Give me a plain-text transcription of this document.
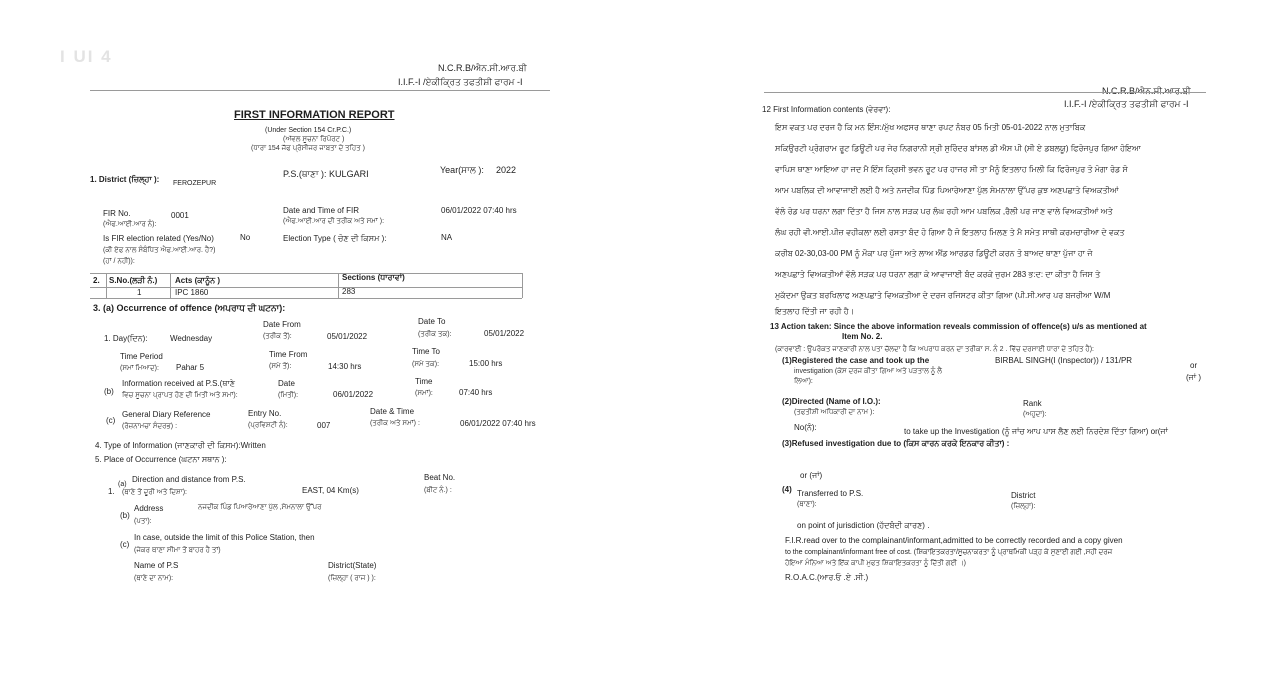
I UI 4
N.C.R.B/ਐਨ.ਸੀ.ਆਰ.ਬੀ
I.I.F.-I /ਏਕੀਕ੍ਰਿਤ ਤਫਤੀਸ਼ੀ ਫਾਰਮ -I
FIRST INFORMATION REPORT
(Under Section 154 Cr.P.C.)
(ਅੱਵਲ ਸੂਚਨਾ ਰਿਪੋਰਟ )
(ਧਾਰਾ 154 ਜੱਫ ਪ੍ਰੋਸੀਜਰ ਜਾਬਤਾ ਦੇ ਤਹਿਤ )
1. District (ਜ਼ਿਲ੍ਹਾ ): FEROZEPUR
P.S.(ਥਾਣਾ ): KULGARI	Year(ਸਾਲ ): 2022
FIR No.
(ਐਫ.ਆਈ.ਆਰ ਨੰ):
0001
Date and Time of FIR
(ਐਫ.ਆਈ.ਆਰ ਦੀ ਤਰੀਕ ਅਤੇ ਸਮਾਂ ):
06/01/2022 07:40 hrs
Is FIR election related (Yes/No)
(ਕੀ ਏਫ ਨਾਲ ਸੰਬੰਧਿਤ ਐਫ.ਆਈ.ਆਰ. ਹੈ?)
(ਹਾਂ / ਨਹੀਂ)):
No	Election Type ( ਚੋਣ ਦੀ ਕਿਸਮ ):	NA
2. S.No.(ਲੜੀ ਨੰ.) Acts (ਕਾਨੂੰਨ )	Sections (ਧਾਰਾਵਾਂ)
1	IPC 1860	283
3. (a) Occurrence of offence (ਅਪਰਾਧ ਦੀ ਘਟਨਾ):
Date From
(ਤਰੀਕ ਤੋਂ):	05/01/2022
Date To
(ਤਰੀਕ ਤਕ):	05/01/2022
1. Day(ਦਿਨ):	Wednesday
Time Period
(ਸਮਾਂ ਮਿਆਦ): Pahar 5
Time From
(ਸਮੇ ਤੋਂ):	14:30 hrs
Time To
(ਸਮੇ ਤਕ):	15:00 hrs
(b)
Information received at P.S.(ਥਾਣੇ
ਵਿਚ ਸੂਚਨਾ ਪ੍ਰਾਪਤ ਹੋਣ ਦੀ ਮਿਤੀ ਅਤੇ ਸਮਾਂ):
Date
(ਮਿਤੀ):	06/01/2022
Time
(ਸਮਾਂ):	07:40 hrs
(c)
General Diary Reference
(ਰੋਜ਼ਨਾਮਚਾ ਸੰਦਰਭ) :
Entry No.
(ਪ੍ਰਵਿਸ਼ਟੀ ਨੰ):	007
Date & Time
(ਤਰੀਕ ਅਤੇ ਸਮਾਂ) :	06/01/2022 07:40 hrs
4. Type of Information (ਜਾਣਕਾਰੀ ਦੀ ਕਿਸਮ):Written
5. Place of Occurrence (ਘਟਨਾ ਸਥਾਨ ):
1.
(a)
Direction and distance from P.S.
(ਥਾਣੇ ਤੋਂ ਦੂਰੀ ਅਤੇ ਦਿਸ਼ਾ):	EAST, 04 Km(s)
Beat No.
(ਬੀਟ ਨੰ.) :
(b)
Address
(ਪਤਾ):
ਨਜਦੀਕ ਪਿੰਡ ਪਿਆਰੇਆਣਾ ਪੁੱਲ ,ਸੇਮਨਾਲਾ ਉੱਪਰ
(c)
In case, outside the limit of this Police Station, then
(ਜੇਕਰ ਥਾਣਾ ਸੀਮਾ ਤੋਂ ਬਾਹਰ ਹੈ ਤਾਂ)
Name of P.S
(ਥਾਣੇ ਦਾ ਨਾਮ):
District(State)
(ਜ਼ਿਲ੍ਹਾ ( ਰਾਜ ) ):
N.C.R.B/ਐਨ.ਸੀ.ਆਰ.ਬੀ
I.I.F.-I /ਏਕੀਕ੍ਰਿਤ ਤਫਤੀਸ਼ੀ ਫਾਰਮ -I
12 First Information contents (ਵੇਰਵਾ):
ਇਸ ਵਕਤ ਪਰ ਦਰਜ ਹੈ ਕਿ ਮਨ ਇੰਸ:/ਮੁੱਖ ਅਫਸਰ ਥਾਣਾ ਰਪਟ ਨੰਬਰ 05 ਮਿਤੀ 05-01-2022 ਨਾਲ ਮੁਤਾਬਿਕ
ਸਕਿਉਰਟੀ ਪ੍ਰੋਗਰਾਮ ਰੂਟ ਡਿਊਟੀ ਪਰ ਜੇਰ ਨਿਗਰਾਨੀ ਸ੍ਰੀ ਸੁਰਿੰਦਰ ਬਾਂਸਲ ਡੀ ਐਸ ਪੀ (ਸੀ ਏ ਡਬਲਯੂ) ਫਿਰੋਜਪੁਰ ਗਿਆ ਹੋਇਆ
ਵਾਪਿਸ ਥਾਣਾ ਆਇਆ ਹਾ ਜਦ ਮੈ ਇੰਸ ਕ੍ਰਿਸੀ ਭਵਨ ਰੂਟ ਪਰ ਹਾਜਰ ਸੀ ਤਾ ਮੈਨੂੰ ਇਤਲਾਹ ਮਿਲੀ ਕਿ ਫਿਰੋਜਪੁਰ ਤੋ ਮੋਗਾ ਰੋਡ ਸੋ
ਆਮ ਪਬਲਿਕ ਦੀ ਆਵਾਜਾਈ ਲਈ ਹੈ ਅਤੇ ਨਜਦੀਕ ਪਿੰਡ ਪਿਆਰੇਆਣਾ ਪੁੱਲ ਸੇਮਨਾਲਾ ਉੱਪਰ ਕੁਝ ਅਣਪਛਾਤੇ ਵਿਅਕਤੀਆਂ
ਵੱਲੋ ਰੋਡ ਪਰ ਧਰਨਾ ਲਗਾ ਦਿੱਤਾ ਹੈ ਜਿਸ ਨਾਲ ਸੜਕ ਪਰ ਲੰਘ ਰਹੀ ਆਮ ਪਬਲਿਕ ,ਰੈਲੀ ਪਰ ਜਾਣ ਵਾਲੇ ਵਿਅਕਤੀਆਂ ਅਤੇ
ਲੰਘ ਰਹੀ ਵੀ.ਆਈ.ਪੀਜ਼ ਵਹੀਕਲਾ ਲਈ ਰਸਤਾ ਬੰਦ ਹੋ ਗਿਆ ਹੈ ਜੋ ਇਤਲਾਹ ਮਿਲਣ ਤੇ ਮੈ ਸਮੇਤ ਸਾਥੀ ਕਰਮਚਾਰੀਆ ਦੇ ਵਕਤ
ਕਰੀਬ 02-30,03-00 PM ਨੂੰ ਮੌਕਾ ਪਰ ਪੁੱਜਾ ਅਤੇ ਲਾਅ ਐਂਡ ਆਰਡਰ ਡਿਊਟੀ ਕਰਨ ਤੋ ਬਾਅਦ ਥਾਣਾ ਪੁੱਜਾ ਹਾ ਜੋ
ਅਣਪਛਾਤੇ ਵਿਅਕਤੀਆਂ ਵੱਲੋ ਸੜਕ ਪਰ ਧਰਨਾ ਲਗਾ ਕੇ ਆਵਾਜਾਈ ਬੰਦ ਕਰਕੇ ਜੁਰਮ 283 ਭ:ਦ: ਦਾ ਕੀਤਾ ਹੈ ਜਿਸ ਤੇ
ਮੁਕੱਦਮਾ ਉਕਤ ਬਰਖਿਲਾਫ ਅਣਪਛਾਤੇ ਵਿਅਕਤੀਆ ਦੇ ਦਰਜ ਰਜਿਸਟਰ ਕੀਤਾ ਗਿਆ (ਪੀ.ਸੀ.ਆਰ ਪਰ ਬਜਰੀਆ W/M
ਇਤਲਾਹ ਦਿੱਤੀ ਜਾ ਰਹੀ ਹੈ।
13 Action taken: Since the above information reveals commission of offence(s) u/s as mentioned at
Item No. 2.
(ਕਾਰਵਾਈ : ਉਪਰੋਕਤ ਜਾਣਕਾਰੀ ਨਾਲ ਪਤਾ ਚੱਲਦਾ ਹੈ ਕਿ ਅਪਰਾਧ ਕਰਨ ਦਾ ਤਰੀਕਾ ਸ. ਨੰ 2 . ਵਿੱਚ ਦਰਸਾਈ ਧਾਰਾ ਦੇ ਤਹਿਤ ਹੈ):
(1)Registered the case and took up the	BIRBAL SINGH(I (Inspector)) / 131/PR
investigation (ਕੇਸ ਦਰਜ ਕੀਤਾ ਗਿਆ ਅਤੇ ਪੜਤਾਲ ਨੂੰ ਲੈ
ਲਿਆ):
or
(ਜਾਂ )
(2)Directed (Name of I.O.):
(ਤਫਤੀਸ਼ੀ ਅਧਿਕਾਰੀ ਦਾ ਨਾਮ ):
Rank
(ਅਹੁਦਾ):
No(ਨੰ):	to take up the Investigation (ਨੂੰ ਜਾਂਚ ਆਪ ਪਾਸ ਲੈਣ ਲਈ ਨਿਰਦੇਸ਼ ਦਿੱਤਾ ਗਿਆ) or(ਜਾਂ
(3)Refused investigation due to (ਕਿਸ ਕਾਰਨ ਕਰਕੇ ਇਨਕਾਰ ਕੀਤਾ) :
or (ਜਾਂ)
(4) Transferred to P.S.
(ਥਾਣਾ):
District
(ਜ਼ਿਲ੍ਹਾ):
on point of jurisdiction (ਹੱਦਬੰਦੀ ਕਾਰਣ) .
F.I.R.read over to the complainant/informant,admitted to be correctly recorded and a copy given
to the complainant/informant free of cost. (ਸ਼ਿਕਾਇਤਕਰਤਾ/ਸੂਚਨਾਕਰਤਾ ਨੂੰ ਪ੍ਰਾਥਮਿਕੀ ਪੜ੍ਹ ਕੇ ਸੁਣਾਈ ਗਈ ,ਸਹੀ ਦਰਜ
ਹੋਇਆ ਮੰਨਿਆ ਅਤੇ ਇੱਕ ਕਾਪੀ ਮੁਫਤ ਸ਼ਿਕਾਇਤਕਰਤਾ ਨੂੰ ਦਿੱਤੀ ਗਈ ।)
R.O.A.C.(ਆਰ.ਓ .ਏ .ਸੀ.)
